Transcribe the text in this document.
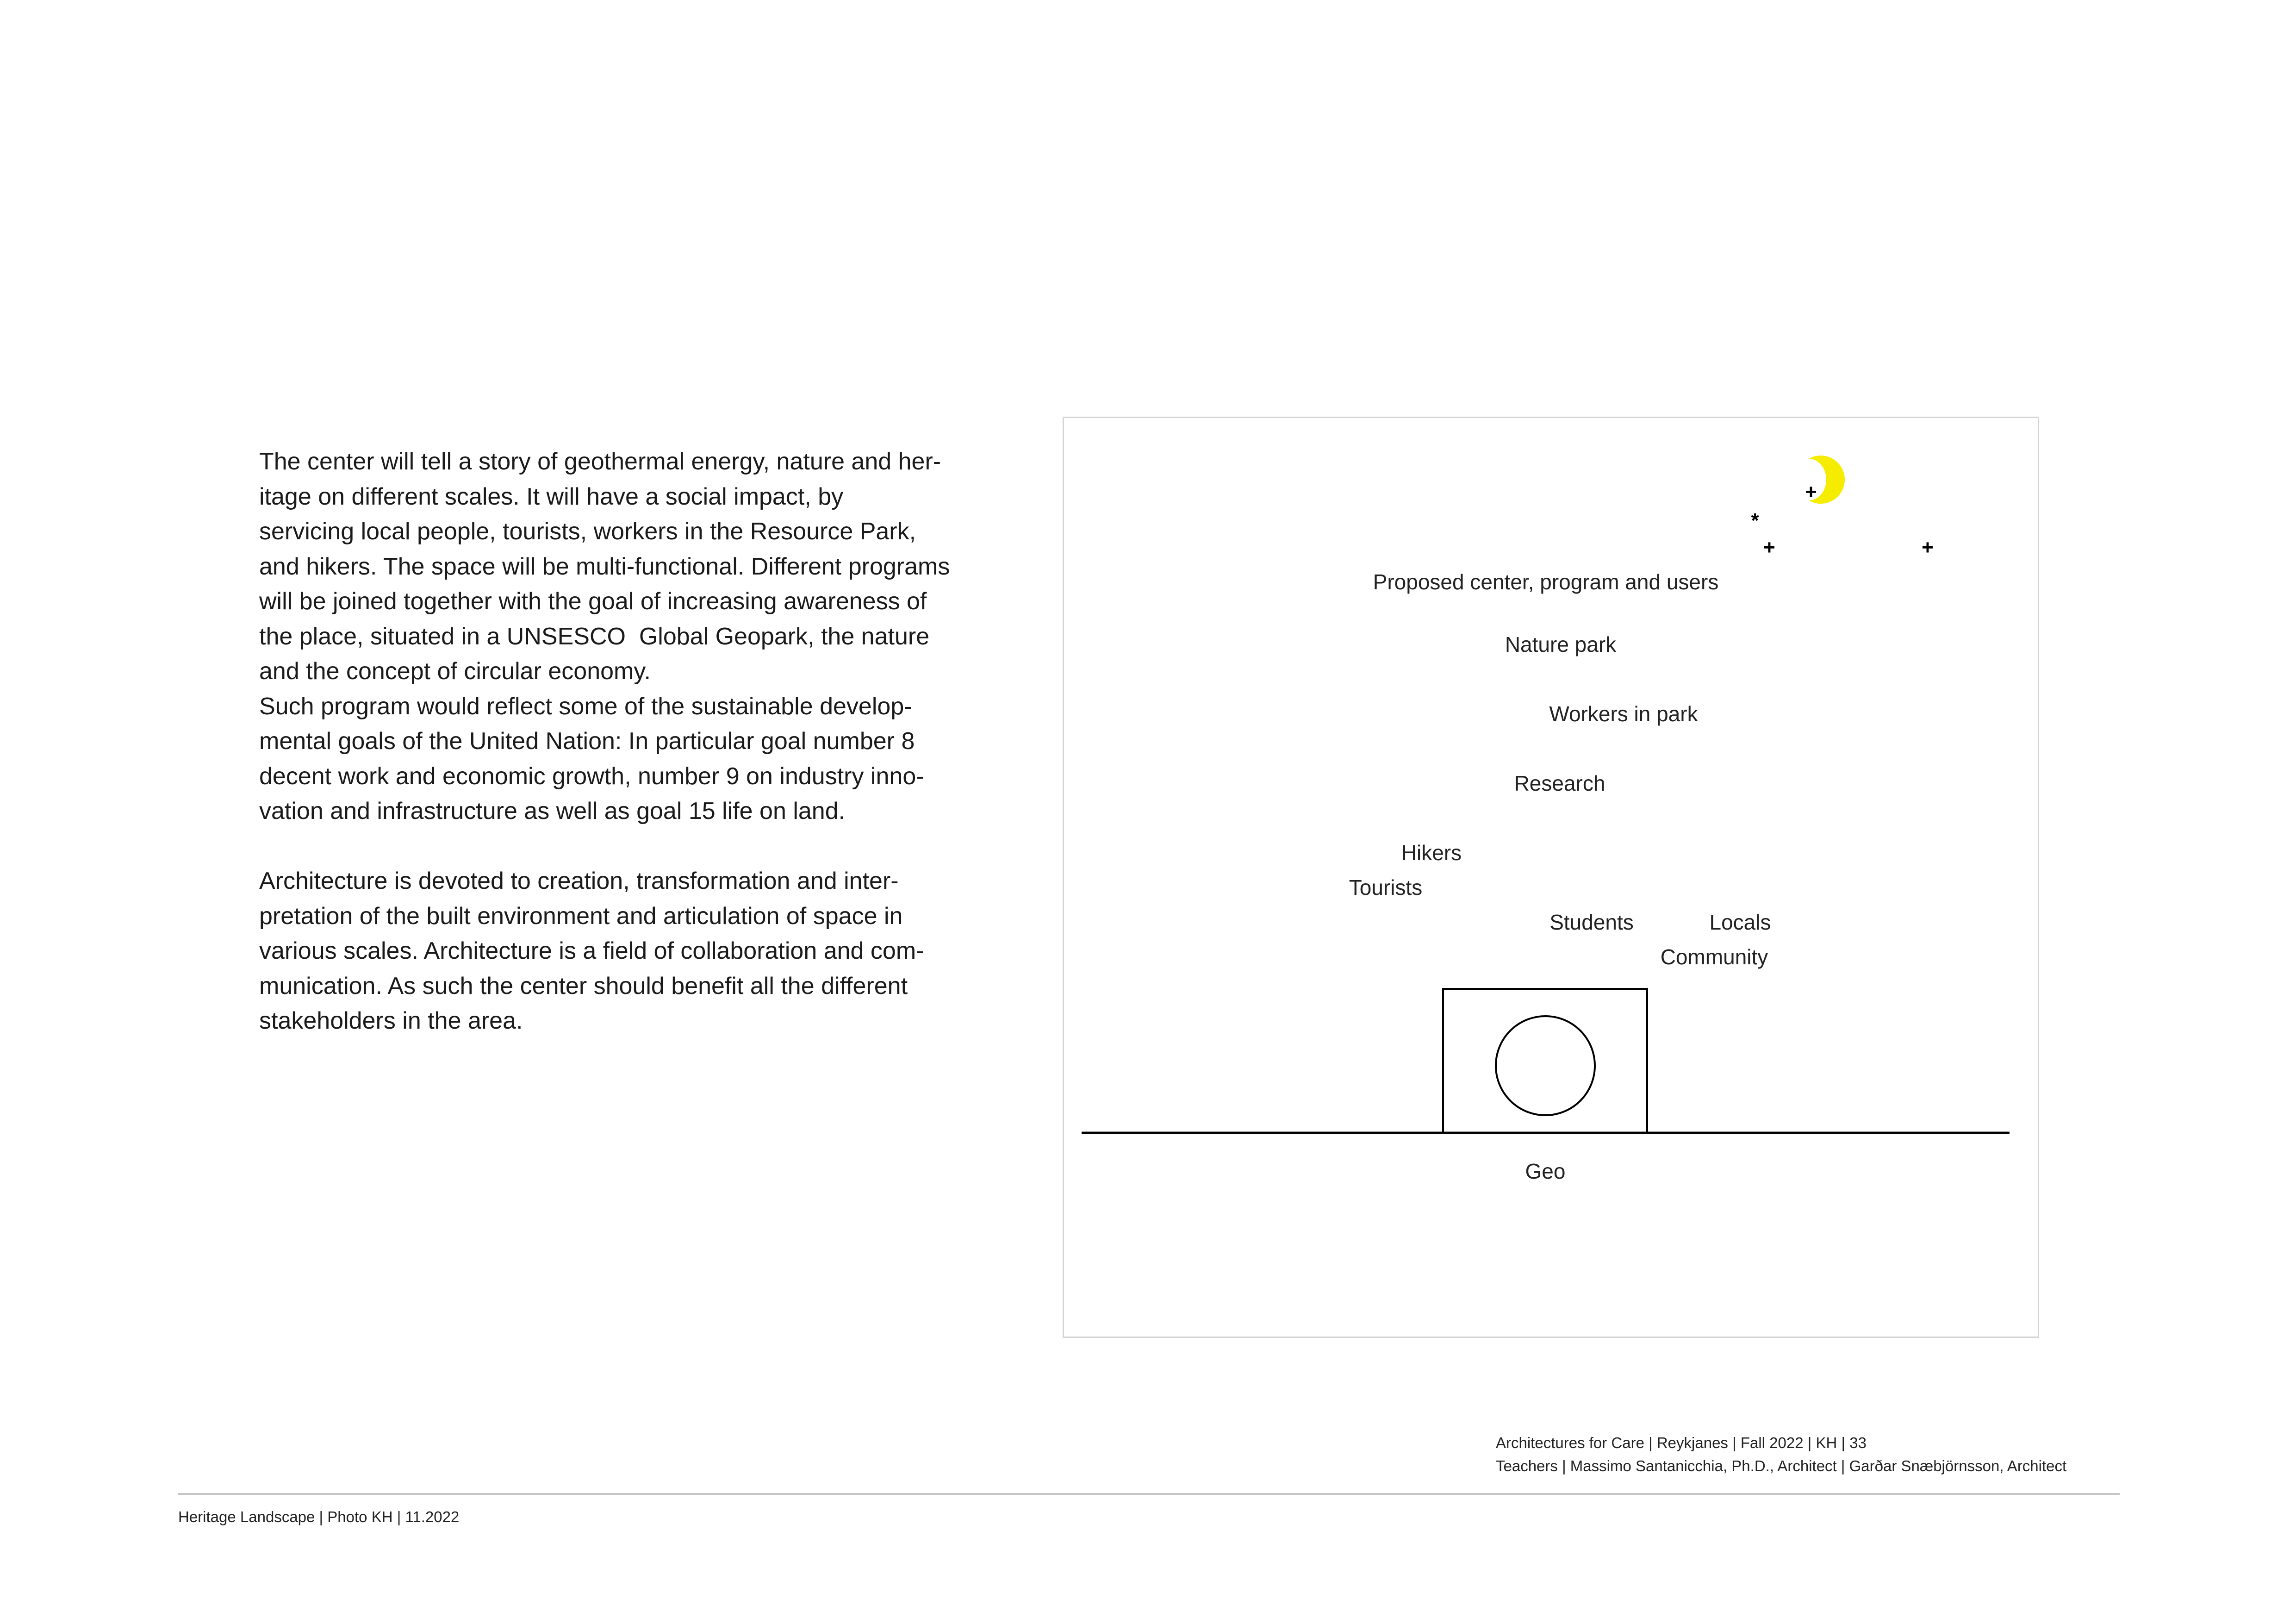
The center will tell a story of geothermal energy, nature and her-
itage on different scales. It will have a social impact, by
servicing local people, tourists, workers in the Resource Park,
and hikers. The space will be multi-functional. Different programs
will be joined together with the goal of increasing awareness of
the place, situated in a UNSESCO  Global Geopark, the nature
and the concept of circular economy.
Such program would reflect some of the sustainable develop-
mental goals of the United Nation: In particular goal number 8
decent work and economic growth, number 9 on industry inno-
vation and infrastructure as well as goal 15 life on land.
Architecture is devoted to creation, transformation and inter-
pretation of the built environment and articulation of space in
various scales. Architecture is a field of collaboration and com-
munication. As such the center should benefit all the different
stakeholders in the area.
+
*
+	+
Proposed center, program and users
Nature park
Workers in park
Research
Hikers
Tourists
Students	Locals
Community
Geo
Architectures for Care | Reykjanes | Fall 2022 | KH | 33
Teachers | Massimo Santanicchia, Ph.D., Architect | Garðar Snæbjörnsson, Architect
Heritage Landscape | Photo KH | 11.2022
